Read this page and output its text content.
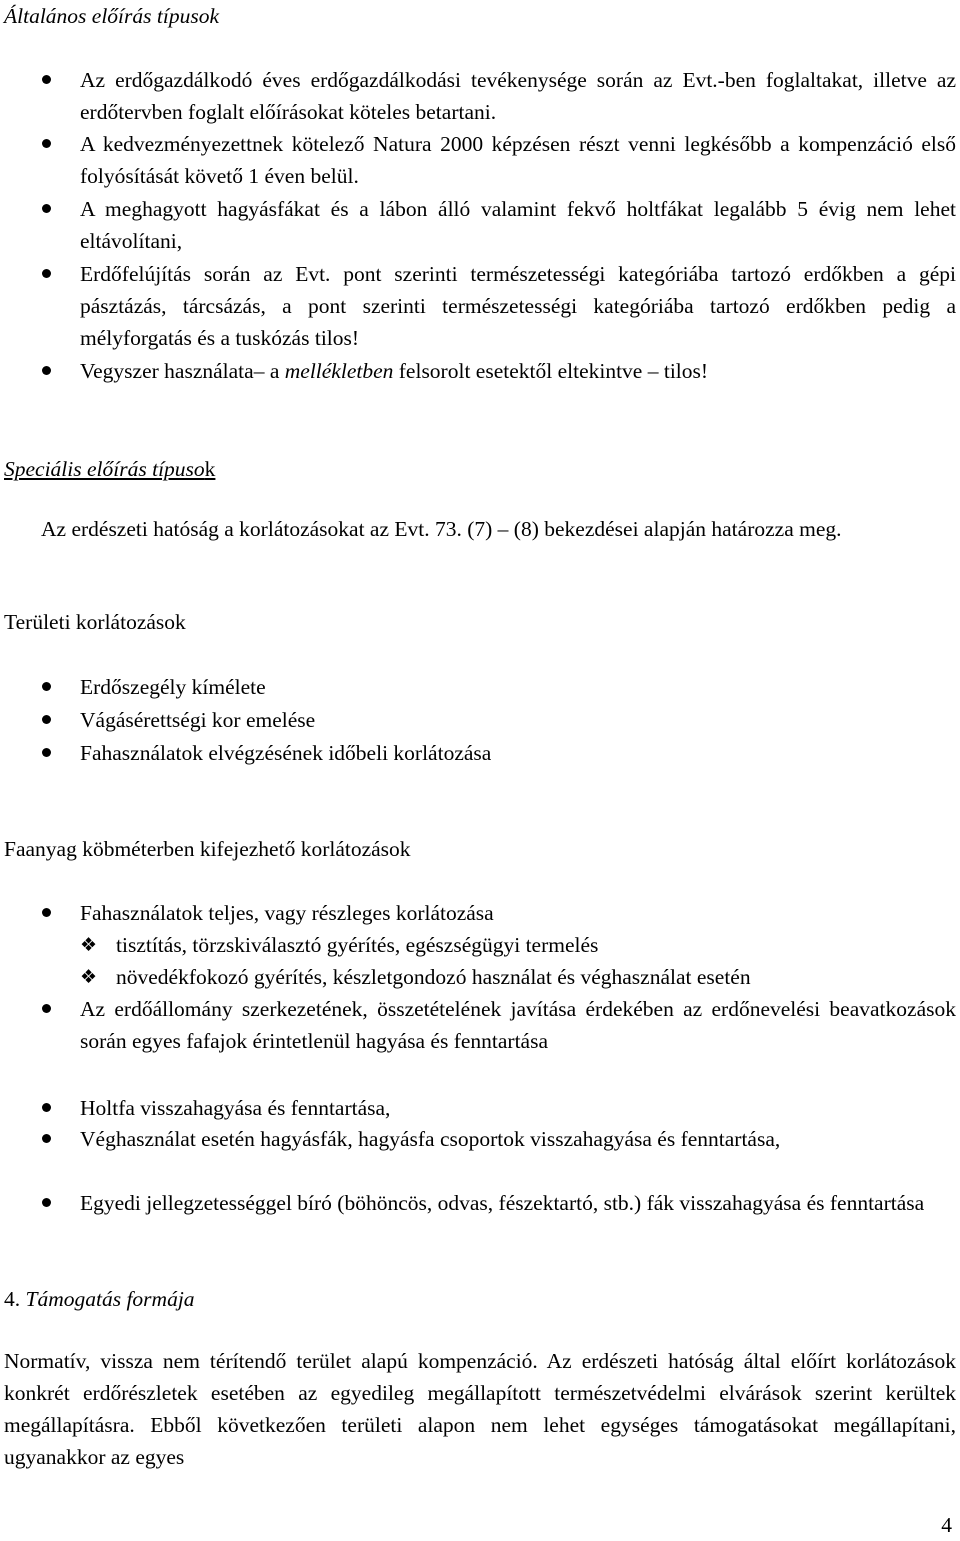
Általános előírás típusok
Az erdőgazdálkodó éves erdőgazdálkodási tevékenysége során az Evt.-ben foglaltakat, illetve az erdőtervben foglalt előírásokat köteles betartani.
A kedvezményezettnek kötelező Natura 2000 képzésen részt venni legkésőbb a kompenzáció első folyósítását követő 1 éven belül.
A meghagyott hagyásfákat és a lábon álló valamint fekvő holtfákat legalább 5 évig nem lehet eltávolítani,
Erdőfelújítás során az Evt. pont szerinti természetességi kategóriába tartozó erdőkben a gépi pásztázás, tárcsázás, a pont szerinti természetességi kategóriába tartozó erdőkben pedig a mélyforgatás és a tuskózás tilos!
Vegyszer használata– a mellékletben felsorolt esetektől eltekintve – tilos!
Speciális előírás típusok
Az erdészeti hatóság a korlátozásokat az Evt. 73. (7) – (8) bekezdései alapján határozza meg.
Területi korlátozások
Erdőszegély kímélete
Vágásérettségi kor emelése
Fahasználatok elvégzésének időbeli korlátozása
Faanyag köbméterben kifejezhető korlátozások
Fahasználatok teljes, vagy részleges korlátozása
❖ tisztítás, törzskiválasztó gyérítés, egészségügyi termelés
❖ növedékfokozó gyérítés, készletgondozó használat és véghasználat esetén
Az erdőállomány szerkezetének, összetételének javítása érdekében az erdőnevelési beavatkozások során egyes fafajok érintetlenül hagyása és fenntartása
Holtfa visszahagyása és fenntartása,
Véghasználat esetén hagyásfák, hagyásfa csoportok visszahagyása és fenntartása,
Egyedi jellegzetességgel bíró (böhöncös, odvas, fészektartó, stb.) fák visszahagyása és fenntartása
4. Támogatás formája
Normatív, vissza nem térítendő terület alapú kompenzáció. Az erdészeti hatóság által előírt korlátozások konkrét erdőrészletek esetében az egyedileg megállapított természetvédelmi elvárások szerint kerültek megállapításra. Ebből következően területi alapon nem lehet egységes támogatásokat megállapítani, ugyanakkor az egyes
4
